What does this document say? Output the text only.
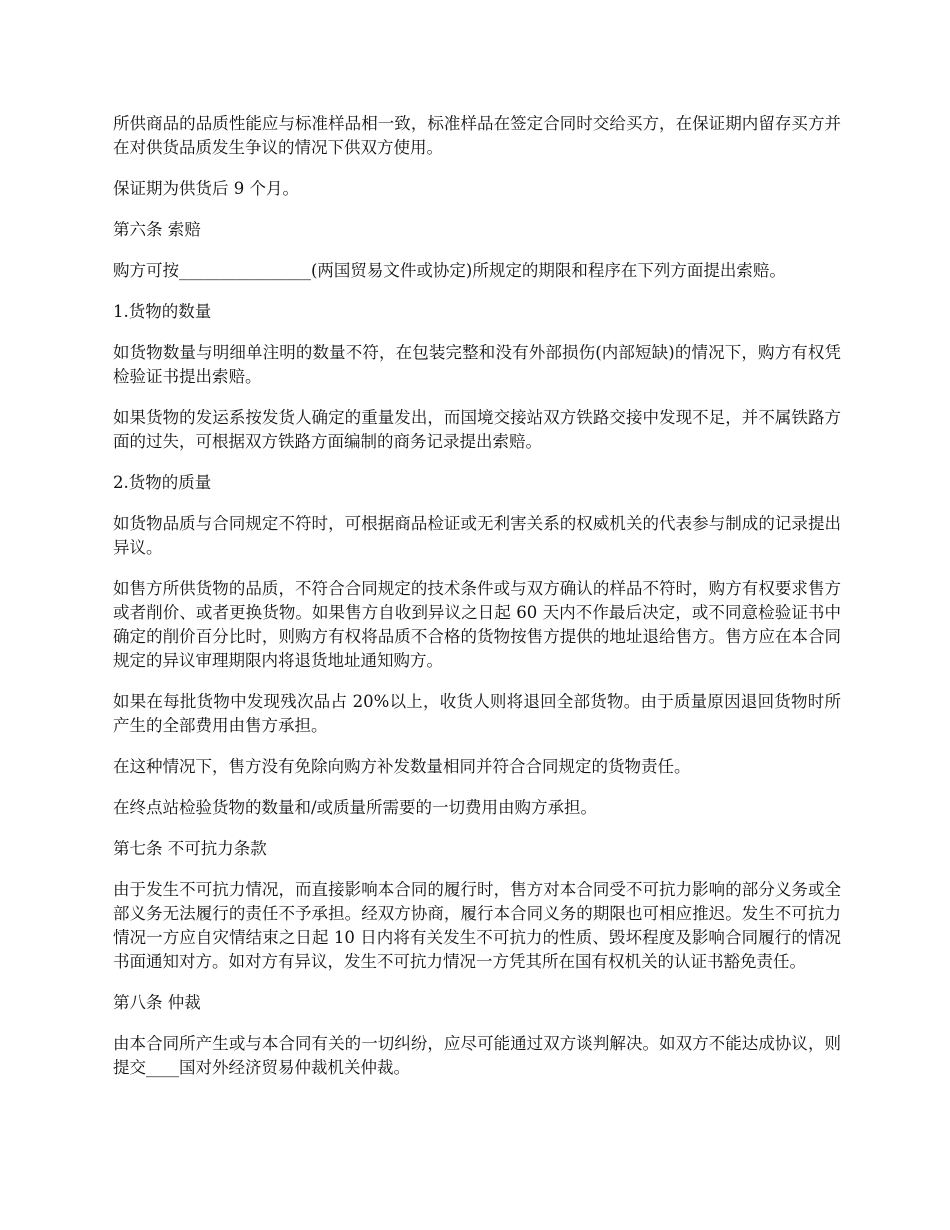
所供商品的品质性能应与标准样品相一致，标准样品在签定合同时交给买方，在保证期内留存买方并在对供货品质发生争议的情况下供双方使用。

保证期为供货后 9 个月。

第六条 索赔

购方可按________________(两国贸易文件或协定)所规定的期限和程序在下列方面提出索赔。

1.货物的数量

如货物数量与明细单注明的数量不符，在包装完整和没有外部损伤(内部短缺)的情况下，购方有权凭检验证书提出索赔。

如果货物的发运系按发货人确定的重量发出，而国境交接站双方铁路交接中发现不足，并不属铁路方面的过失，可根据双方铁路方面编制的商务记录提出索赔。

2.货物的质量

如货物品质与合同规定不符时，可根据商品检证或无利害关系的权威机关的代表参与制成的记录提出异议。

如售方所供货物的品质，不符合合同规定的技术条件或与双方确认的样品不符时，购方有权要求售方或者削价、或者更换货物。如果售方自收到异议之日起 60 天内不作最后决定，或不同意检验证书中确定的削价百分比时，则购方有权将品质不合格的货物按售方提供的地址退给售方。售方应在本合同规定的异议审理期限内将退货地址通知购方。

如果在每批货物中发现残次品占 20%以上，收货人则将退回全部货物。由于质量原因退回货物时所产生的全部费用由售方承担。

在这种情况下，售方没有免除向购方补发数量相同并符合合同规定的货物责任。

在终点站检验货物的数量和/或质量所需要的一切费用由购方承担。

第七条 不可抗力条款

由于发生不可抗力情况，而直接影响本合同的履行时，售方对本合同受不可抗力影响的部分义务或全部义务无法履行的责任不予承担。经双方协商，履行本合同义务的期限也可相应推迟。发生不可抗力情况一方应自灾情结束之日起 10 日内将有关发生不可抗力的性质、毁坏程度及影响合同履行的情况书面通知对方。如对方有异议，发生不可抗力情况一方凭其所在国有权机关的认证书豁免责任。

第八条 仲裁

由本合同所产生或与本合同有关的一切纠纷，应尽可能通过双方谈判解决。如双方不能达成协议，则提交____国对外经济贸易仲裁机关仲裁。
